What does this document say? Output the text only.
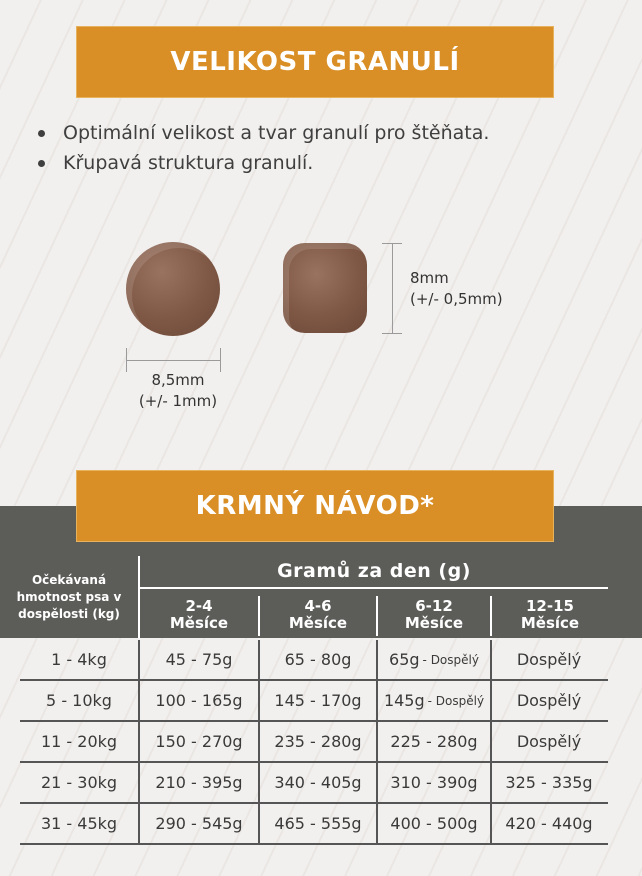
VELIKOST GRANULÍ
Optimální velikost a tvar granulí pro štěňata.
Křupavá struktura granulí.
8,5mm
(+/- 1mm)
8mm
(+/- 0,5mm)
KRMNÝ NÁVOD*
Očekávaná hmotnost psa v dospělosti (kg)
Gramů za den (g)
2-4
Měsíce
4-6
Měsíce
6-12
Měsíce
12-15
Měsíce
1 - 4kg	45 - 75g	65 - 80g	65g - Dospělý	Dospělý
5 - 10kg	100 - 165g	145 - 170g	145g - Dospělý	Dospělý
11 - 20kg	150 - 270g	235 - 280g	225 - 280g	Dospělý
21 - 30kg	210 - 395g	340 - 405g	310 - 390g	325 - 335g
31 - 45kg	290 - 545g	465 - 555g	400 - 500g	420 - 440g
